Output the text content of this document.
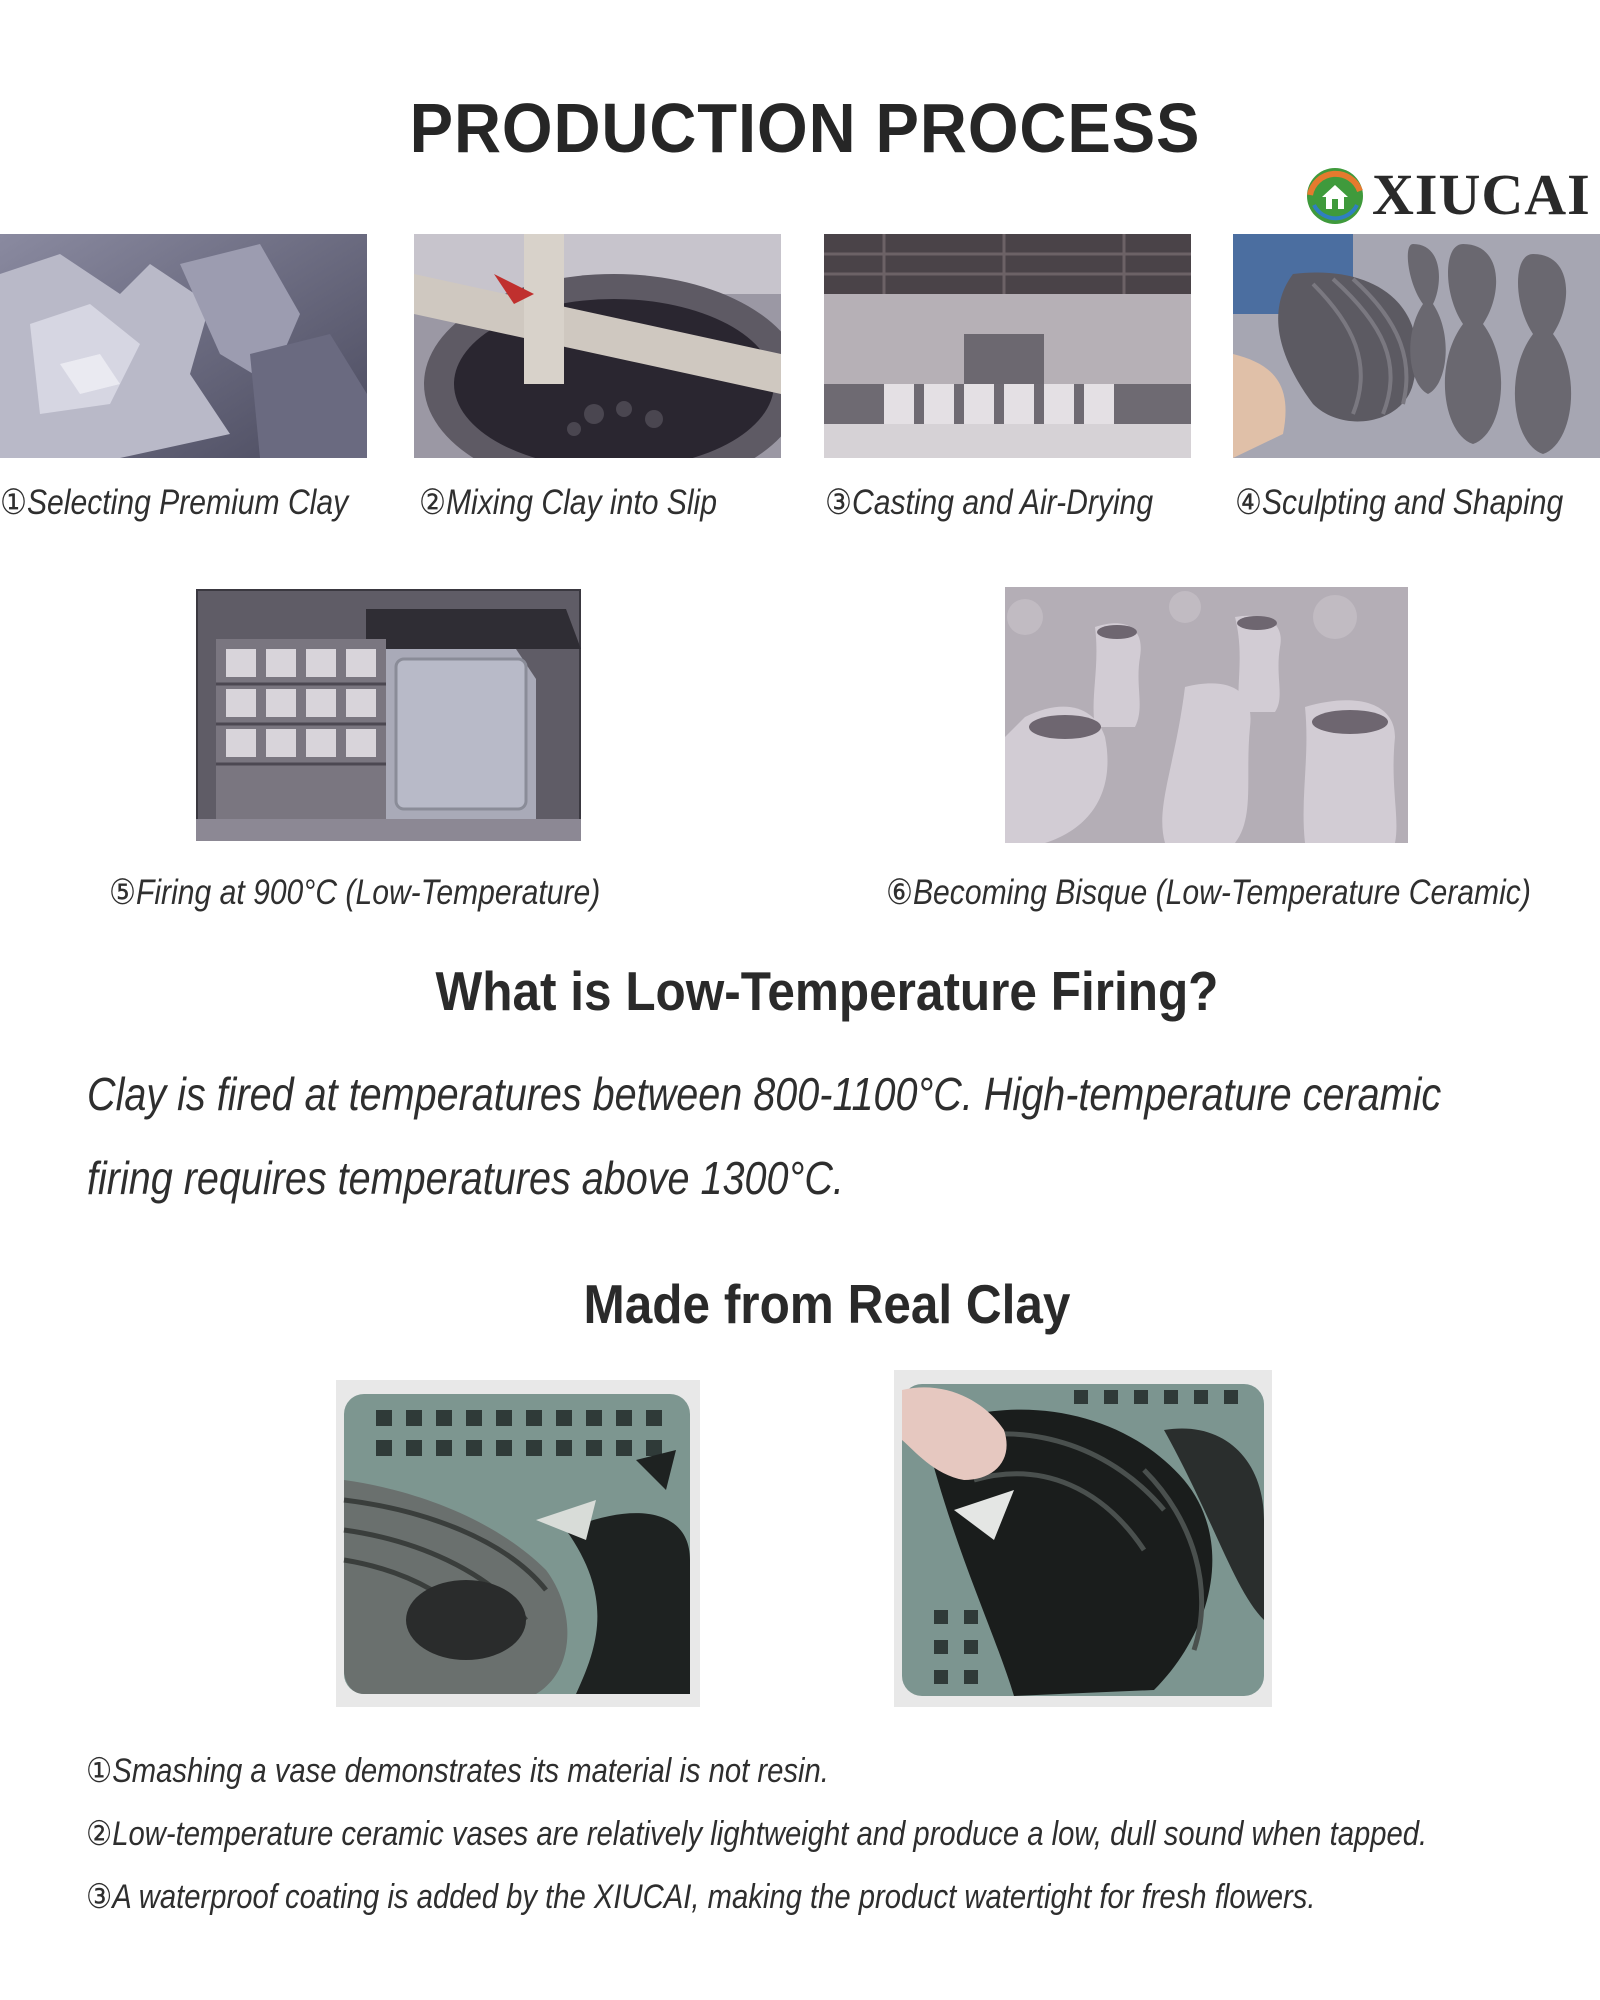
PRODUCTION PROCESS
XIUCAI
①Selecting Premium Clay ②Mixing Clay into Slip	③Casting and Air-Drying ④Sculpting and Shaping
⑤Firing at 900°C (Low-Temperature)	⑥Becoming Bisque (Low-Temperature Ceramic)
What is Low-Temperature Firing?
Clay is fired at temperatures between 800-1100°C. High-temperature ceramic
firing requires temperatures above 1300°C.
Made from Real Clay
①Smashing a vase demonstrates its material is not resin.
②Low-temperature ceramic vases are relatively lightweight and produce a low, dull sound when tapped.
③A waterproof coating is added by the XIUCAI, making the product watertight for fresh flowers.
